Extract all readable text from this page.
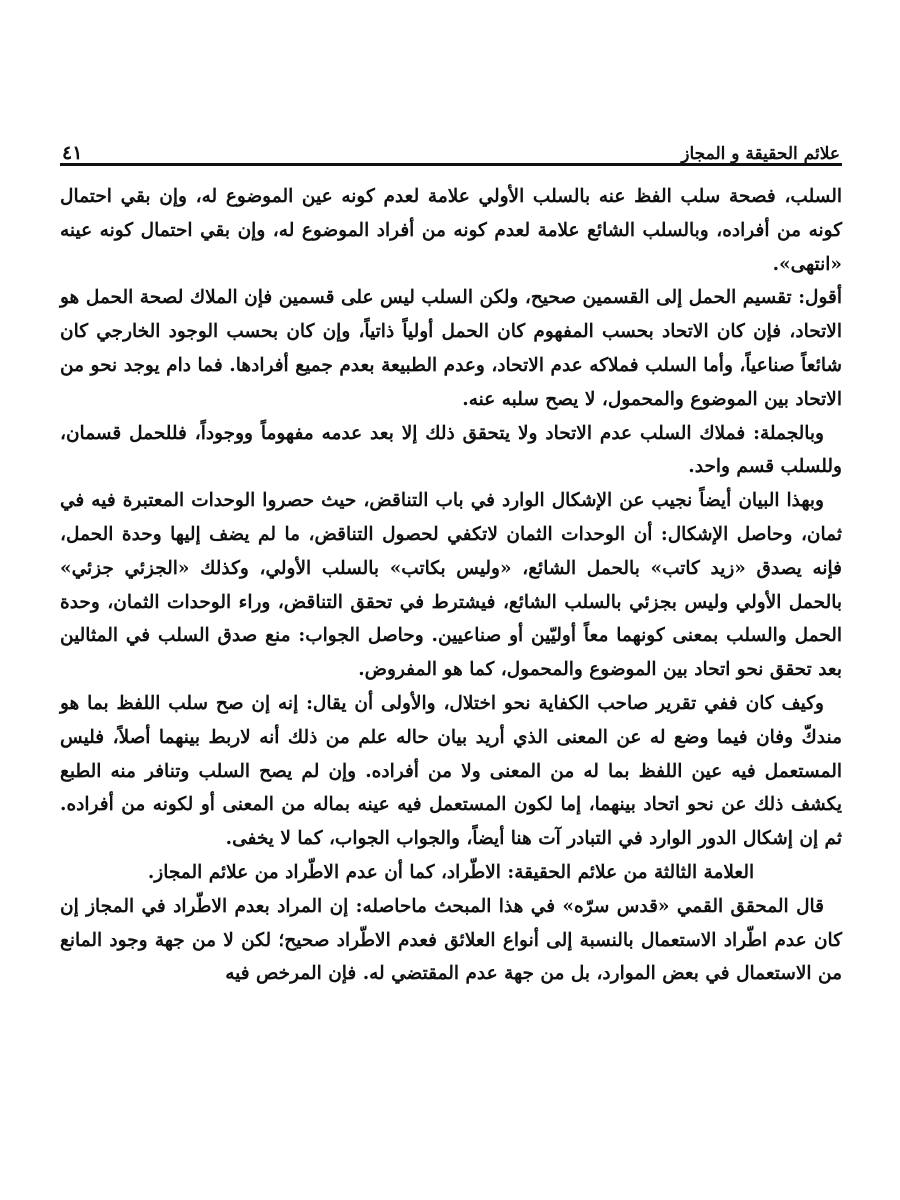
علائم الحقيقة و المجاز
٤١

السلب، فصحة سلب الفظ عنه بالسلب الأولي علامة لعدم كونه عين الموضوع له، وإن بقي احتمال كونه من أفراده، وبالسلب الشائع علامة لعدم كونه من أفراد الموضوع له، وإن بقي احتمال كونه عينه «انتهى».

أقول: تقسيم الحمل إلى القسمين صحيح، ولكن السلب ليس على قسمين فإن الملاك لصحة الحمل هو الاتحاد، فإن كان الاتحاد بحسب المفهوم كان الحمل أولياً ذاتياً، وإن كان بحسب الوجود الخارجي كان شائعاً صناعياً، وأما السلب فملاكه عدم الاتحاد، وعدم الطبيعة بعدم جميع أفرادها. فما دام يوجد نحو من الاتحاد بين الموضوع والمحمول، لا يصح سلبه عنه.

وبالجملة: فملاك السلب عدم الاتحاد ولا يتحقق ذلك إلا بعد عدمه مفهوماً ووجوداً، فللحمل قسمان، وللسلب قسم واحد.

وبهذا البيان أيضاً نجيب عن الإشكال الوارد في باب التناقض، حيث حصروا الوحدات المعتبرة فيه في ثمان، وحاصل الإشكال: أن الوحدات الثمان لاتكفي لحصول التناقض، ما لم يضف إليها وحدة الحمل، فإنه يصدق «زيد كاتب» بالحمل الشائع، «وليس بكاتب» بالسلب الأولي، وكذلك «الجزئي جزئي» بالحمل الأولي وليس بجزئي بالسلب الشائع، فيشترط في تحقق التناقض، وراء الوحدات الثمان، وحدة الحمل والسلب بمعنى كونهما معاً أوليّين أو صناعيين. وحاصل الجواب: منع صدق السلب في المثالين بعد تحقق نحو اتحاد بين الموضوع والمحمول، كما هو المفروض.

وكيف كان ففي تقرير صاحب الكفاية نحو اختلال، والأولى أن يقال: إنه إن صح سلب اللفظ بما هو مندكّ وفان فيما وضع له عن المعنى الذي أريد بيان حاله علم من ذلك أنه لاربط بينهما أصلاً، فليس المستعمل فيه عين اللفظ بما له من المعنى ولا من أفراده. وإن لم يصح السلب وتنافر منه الطبع يكشف ذلك عن نحو اتحاد بينهما، إما لكون المستعمل فيه عينه بماله من المعنى أو لكونه من أفراده. ثم إن إشكال الدور الوارد في التبادر آت هنا أيضاً، والجواب الجواب، كما لا يخفى.

العلامة الثالثة من علائم الحقيقة: الاطّراد، كما أن عدم الاطّراد من علائم المجاز.

قال المحقق القمي «قدس سرّه» في هذا المبحث ماحاصله: إن المراد بعدم الاطّراد في المجاز إن كان عدم اطّراد الاستعمال بالنسبة إلى أنواع العلائق فعدم الاطّراد صحيح؛ لكن لا من جهة وجود المانع من الاستعمال في بعض الموارد، بل من جهة عدم المقتضي له. فإن المرخص فيه
